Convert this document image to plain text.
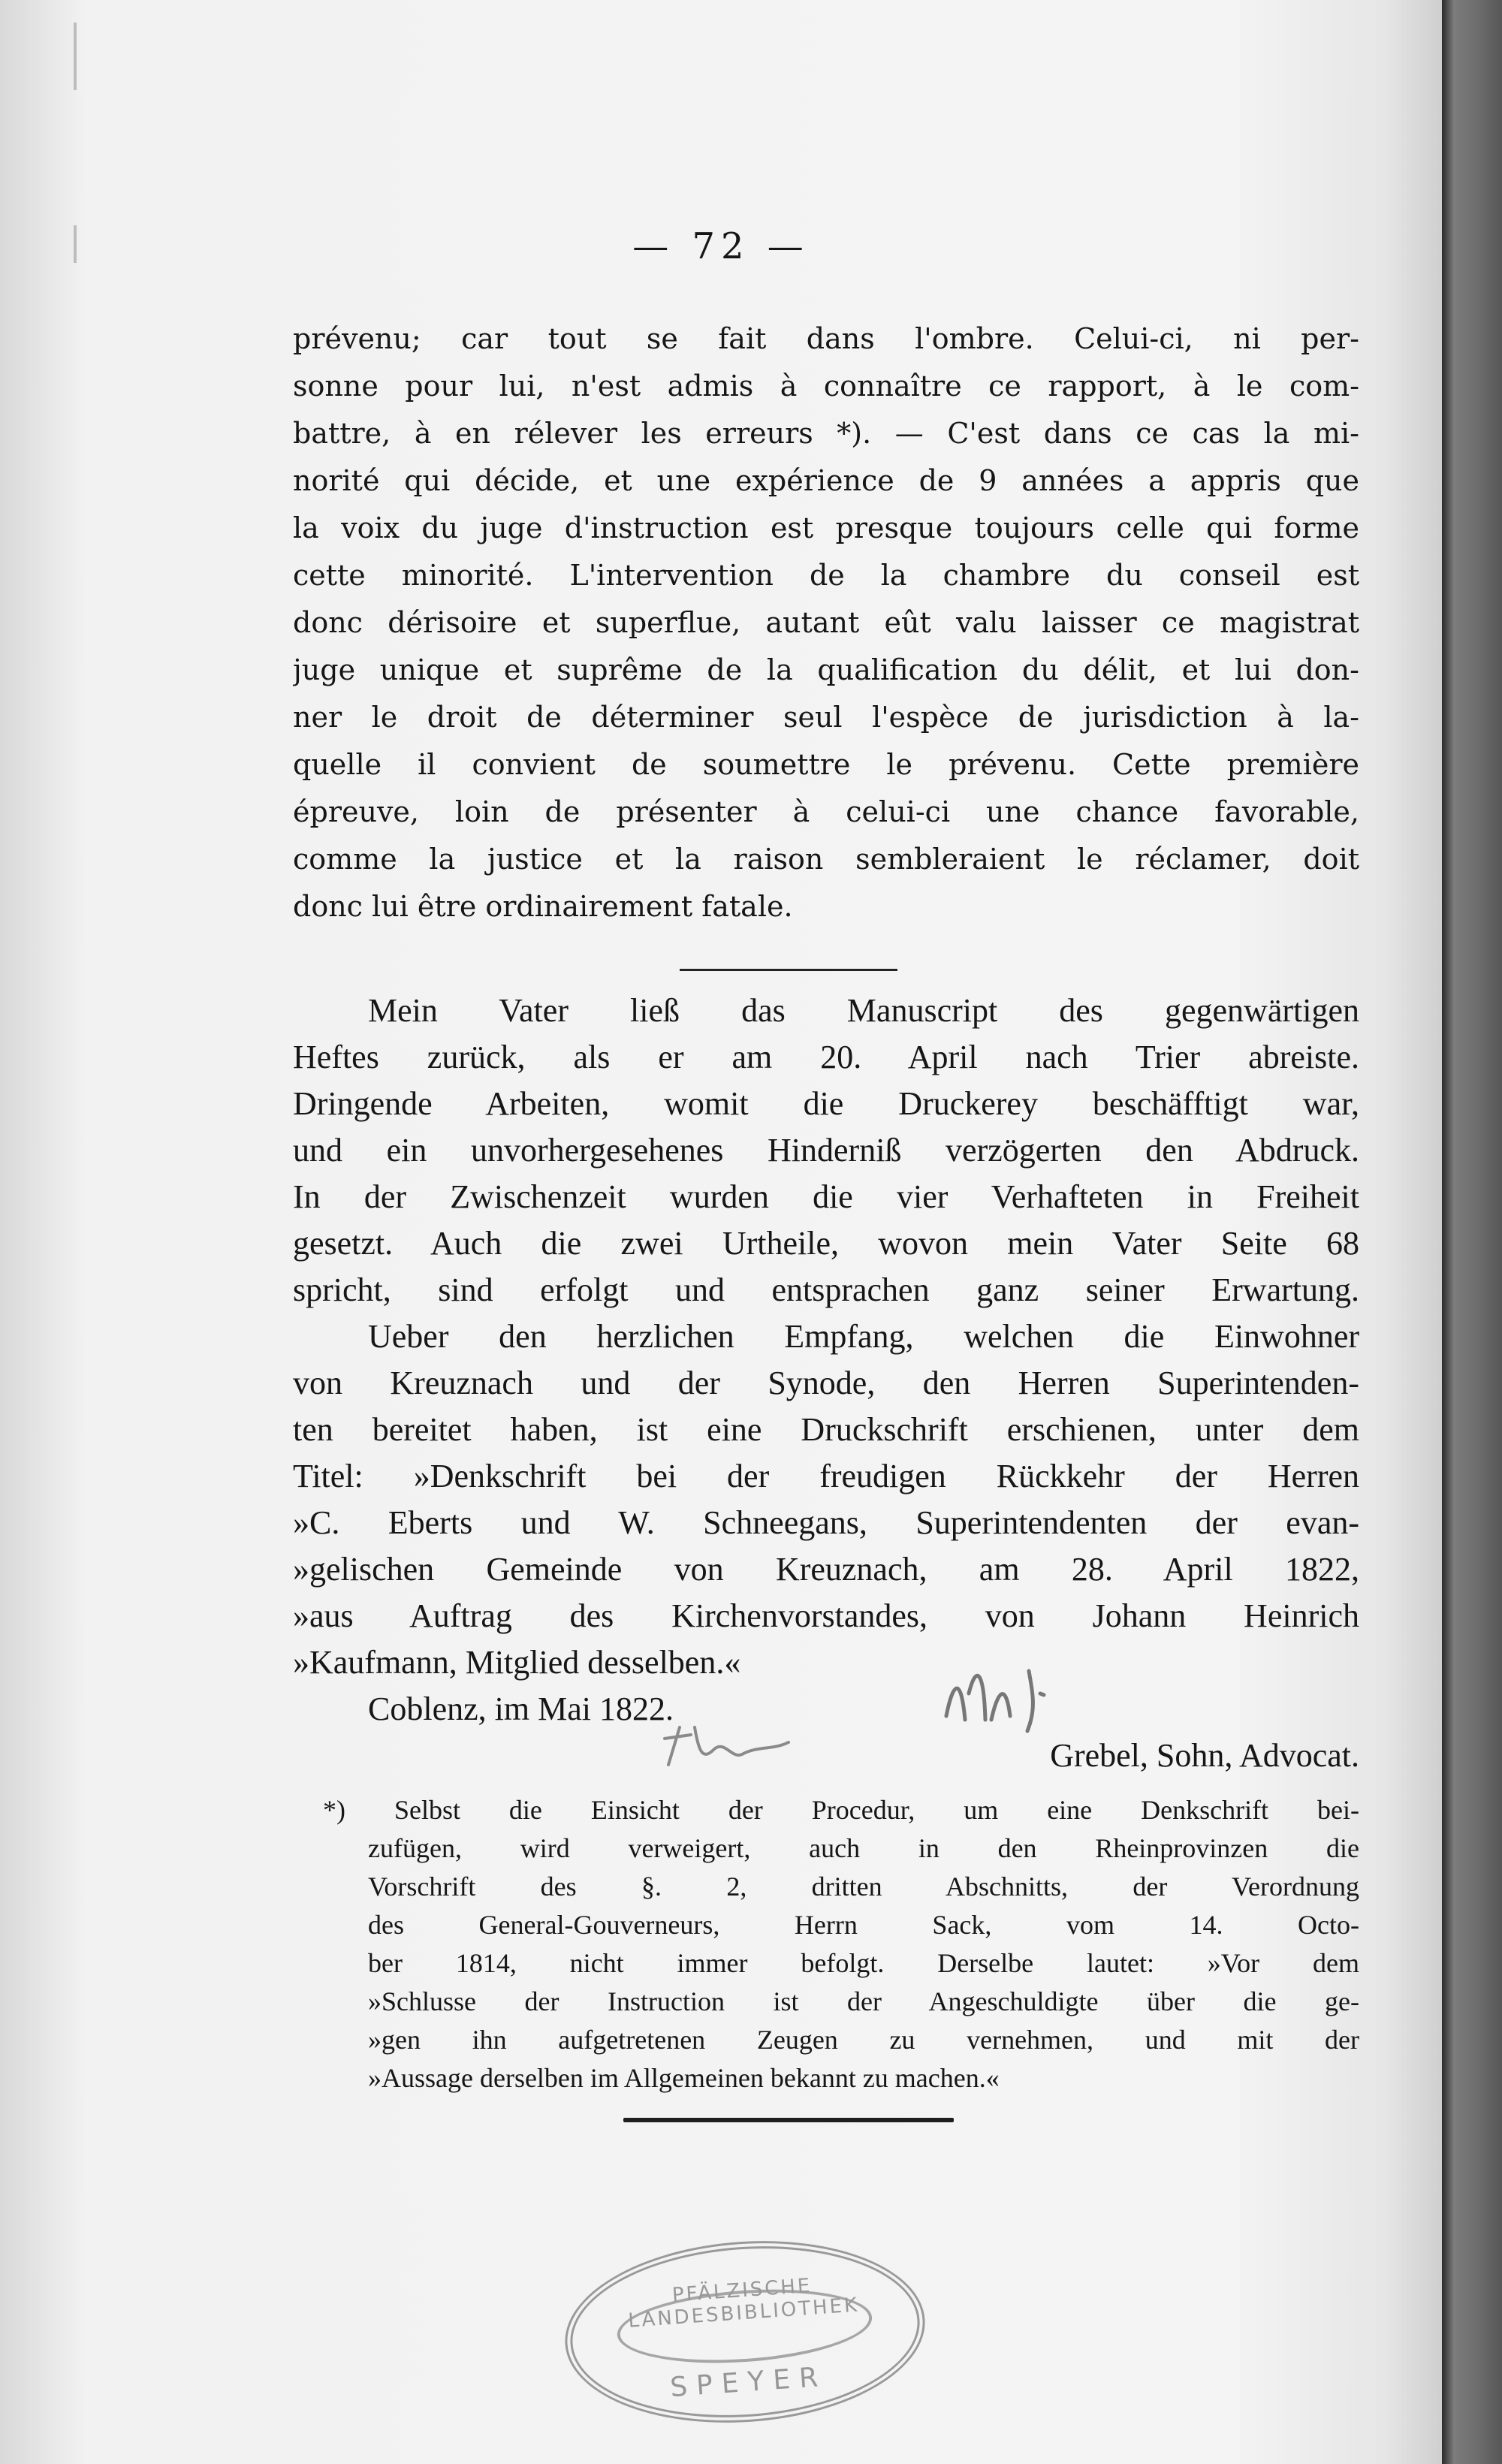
— 72 —
prévenu; car tout se fait dans l'ombre. Celui-ci, ni per-
sonne pour lui, n'est admis à connaître ce rapport, à le com-
battre, à en rélever les erreurs *). — C'est dans ce cas la mi-
norité qui décide, et une expérience de 9 années a appris que
la voix du juge d'instruction est presque toujours celle qui forme
cette minorité. L'intervention de la chambre du conseil est
donc dérisoire et superflue, autant eût valu laisser ce magistrat
juge unique et suprême de la qualification du délit, et lui don-
ner le droit de déterminer seul l'espèce de jurisdiction à la-
quelle il convient de soumettre le prévenu. Cette première
épreuve, loin de présenter à celui-ci une chance favorable,
comme la justice et la raison sembleraient le réclamer, doit
donc lui être ordinairement fatale.
Mein Vater ließ das Manuscript des gegenwärtigen
Heftes zurück, als er am 20. April nach Trier abreiste.
Dringende Arbeiten, womit die Druckerey beschäfftigt war,
und ein unvorhergesehenes Hinderniß verzögerten den Abdruck.
In der Zwischenzeit wurden die vier Verhafteten in Freiheit
gesetzt. Auch die zwei Urtheile, wovon mein Vater Seite 68
spricht, sind erfolgt und entsprachen ganz seiner Erwartung.
Ueber den herzlichen Empfang, welchen die Einwohner
von Kreuznach und der Synode, den Herren Superintenden-
ten bereitet haben, ist eine Druckschrift erschienen, unter dem
Titel: »Denkschrift bei der freudigen Rückkehr der Herren
»C. Eberts und W. Schneegans, Superintendenten der evan-
»gelischen Gemeinde von Kreuznach, am 28. April 1822,
»aus Auftrag des Kirchenvorstandes, von Johann Heinrich
»Kaufmann, Mitglied desselben.«
Coblenz, im Mai 1822.
Grebel, Sohn, Advocat.
*) Selbst die Einsicht der Procedur, um eine Denkschrift bei-
zufügen, wird verweigert, auch in den Rheinprovinzen die
Vorschrift des §. 2, dritten Abschnitts, der Verordnung
des General-Gouverneurs, Herrn Sack, vom 14. Octo-
ber 1814, nicht immer befolgt. Derselbe lautet: »Vor dem
»Schlusse der Instruction ist der Angeschuldigte über die ge-
»gen ihn aufgetretenen Zeugen zu vernehmen, und mit der
»Aussage derselben im Allgemeinen bekannt zu machen.«
PFÄLZISCHE LANDESBIBLIOTHEK
SPEYER
